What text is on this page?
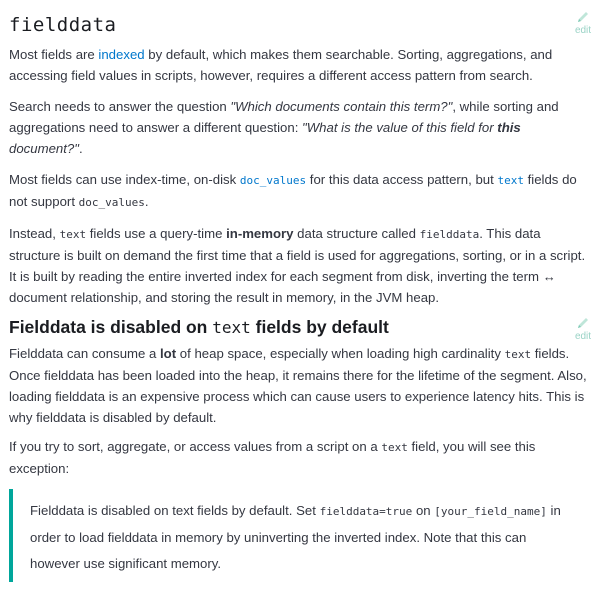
fielddata	edit

Most fields are indexed by default, which makes them searchable. Sorting, aggregations, and accessing field values in scripts, however, requires a different access pattern from search.

Search needs to answer the question "Which documents contain this term?", while sorting and aggregations need to answer a different question: "What is the value of this field for this document?".

Most fields can use index-time, on-disk doc_values for this data access pattern, but text fields do not support doc_values.

Instead, text fields use a query-time in-memory data structure called fielddata. This data structure is built on demand the first time that a field is used for aggregations, sorting, or in a script. It is built by reading the entire inverted index for each segment from disk, inverting the term ↔ document relationship, and storing the result in memory, in the JVM heap.

Fielddata is disabled on text fields by default	edit

Fielddata can consume a lot of heap space, especially when loading high cardinality text fields. Once fielddata has been loaded into the heap, it remains there for the lifetime of the segment. Also, loading fielddata is an expensive process which can cause users to experience latency hits. This is why fielddata is disabled by default.

If you try to sort, aggregate, or access values from a script on a text field, you will see this exception:

Fielddata is disabled on text fields by default. Set fielddata=true on [your_field_name] in order to load fielddata in memory by uninverting the inverted index. Note that this can however use significant memory.
